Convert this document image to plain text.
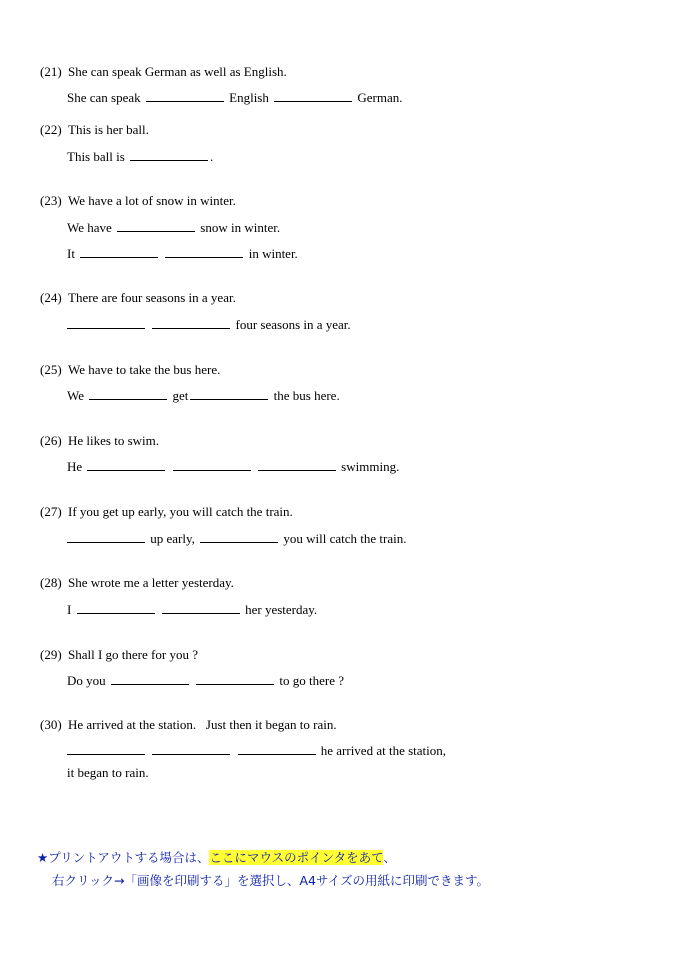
(21) She can speak German as well as English.
She can speak	English	German.
(22) This is her ball.
This ball is	.
(23) We have a lot of snow in winter.
We have	snow in winter.
It	in winter.
(24) There are four seasons in a year.
four seasons in a year.
(25) We have to take the bus here.
We	get	the bus here.
(26) He likes to swim.
He	swimming.
(27) If you get up early, you will catch the train.
up early,	you will catch the train.
(28) She wrote me a letter yesterday.
I	her yesterday.
(29) Shall I go there for you ?
Do you	to go there ?
(30) He arrived at the station.   Just then it began to rain.
he arrived at the station,
it began to rain.
★プリントアウトする場合は、ここにマウスのポインタをあて、
右クリック→「画像を印刷する」を選択し、A4サイズの用紙に印刷できます。
